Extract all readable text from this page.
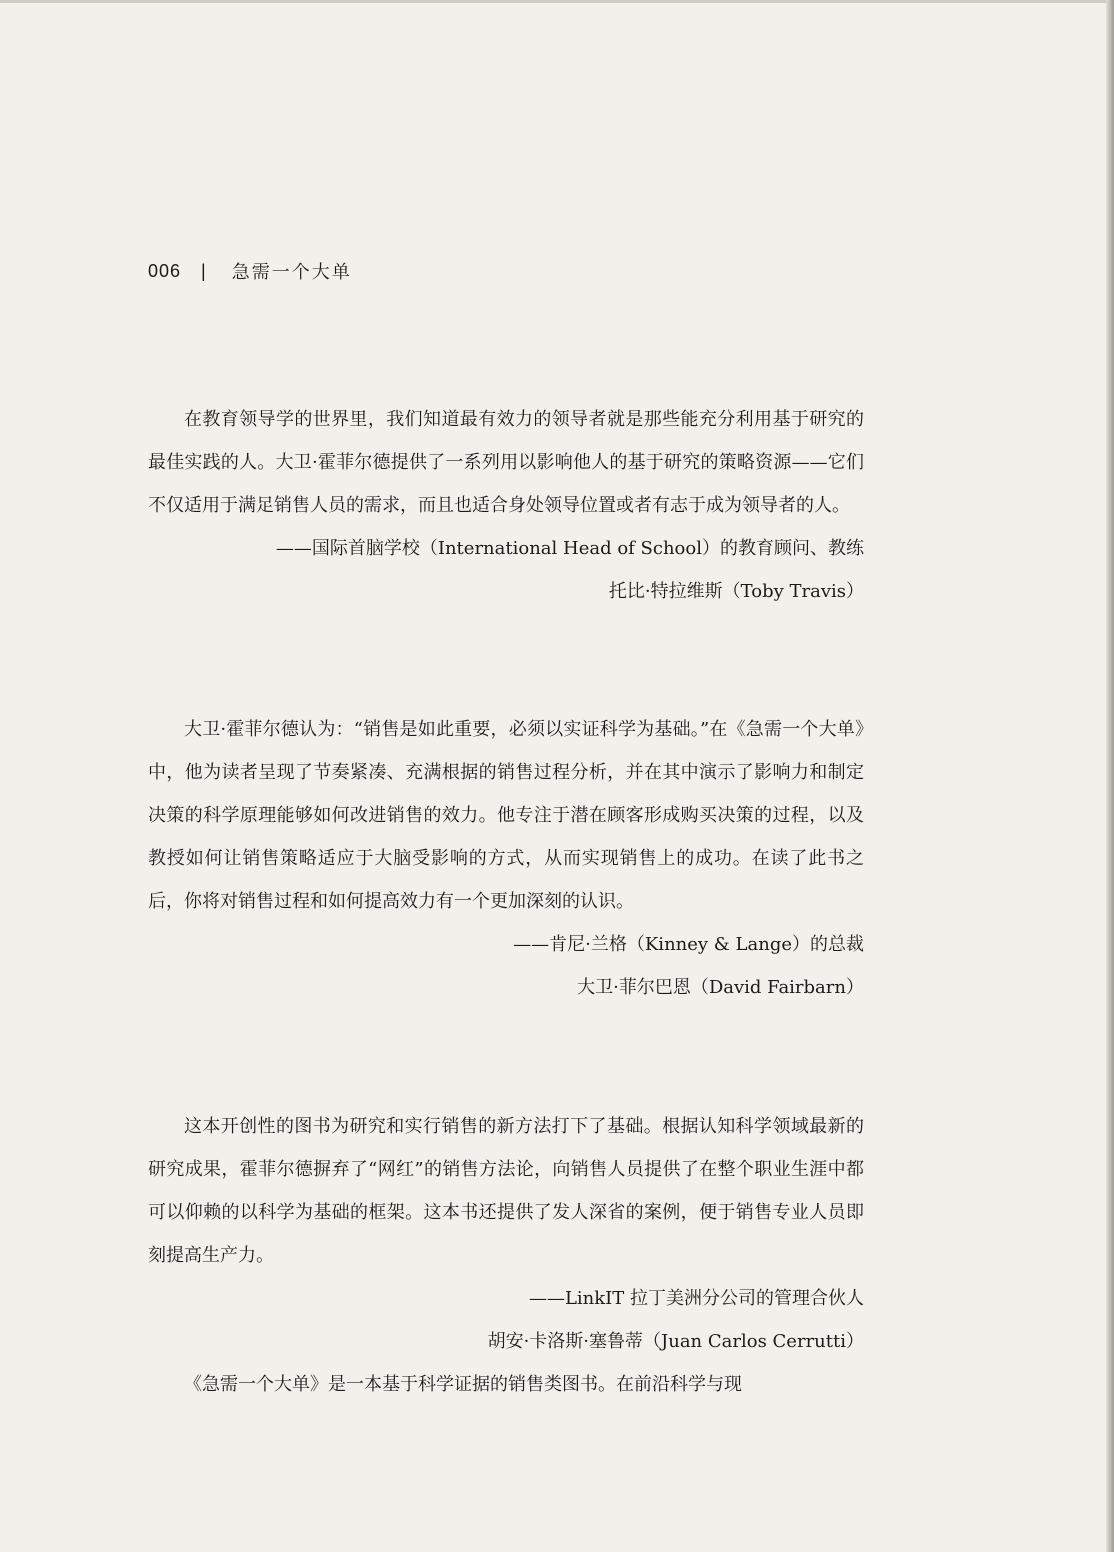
006 | 急需一个大单

在教育领导学的世界里，我们知道最有效力的领导者就是那些能充分利用基于研究的最佳实践的人。大卫·霍菲尔德提供了一系列用以影响他人的基于研究的策略资源——它们不仅适用于满足销售人员的需求，而且也适合身处领导位置或者有志于成为领导者的人。

——国际首脑学校（International Head of School）的教育顾问、教练

托比·特拉维斯（Toby Travis）

大卫·霍菲尔德认为：“销售是如此重要，必须以实证科学为基础。”在《急需一个大单》中，他为读者呈现了节奏紧凑、充满根据的销售过程分析，并在其中演示了影响力和制定决策的科学原理能够如何改进销售的效力。他专注于潜在顾客形成购买决策的过程，以及教授如何让销售策略适应于大脑受影响的方式，从而实现销售上的成功。在读了此书之后，你将对销售过程和如何提高效力有一个更加深刻的认识。

——肯尼·兰格（Kinney & Lange）的总裁

大卫·菲尔巴恩（David Fairbarn）

这本开创性的图书为研究和实行销售的新方法打下了基础。根据认知科学领域最新的研究成果，霍菲尔德摒弃了“网红”的销售方法论，向销售人员提供了在整个职业生涯中都可以仰赖的以科学为基础的框架。这本书还提供了发人深省的案例，便于销售专业人员即刻提高生产力。

——LinkIT 拉丁美洲分公司的管理合伙人

胡安·卡洛斯·塞鲁蒂（Juan Carlos Cerrutti）

《急需一个大单》是一本基于科学证据的销售类图书。在前沿科学与现
